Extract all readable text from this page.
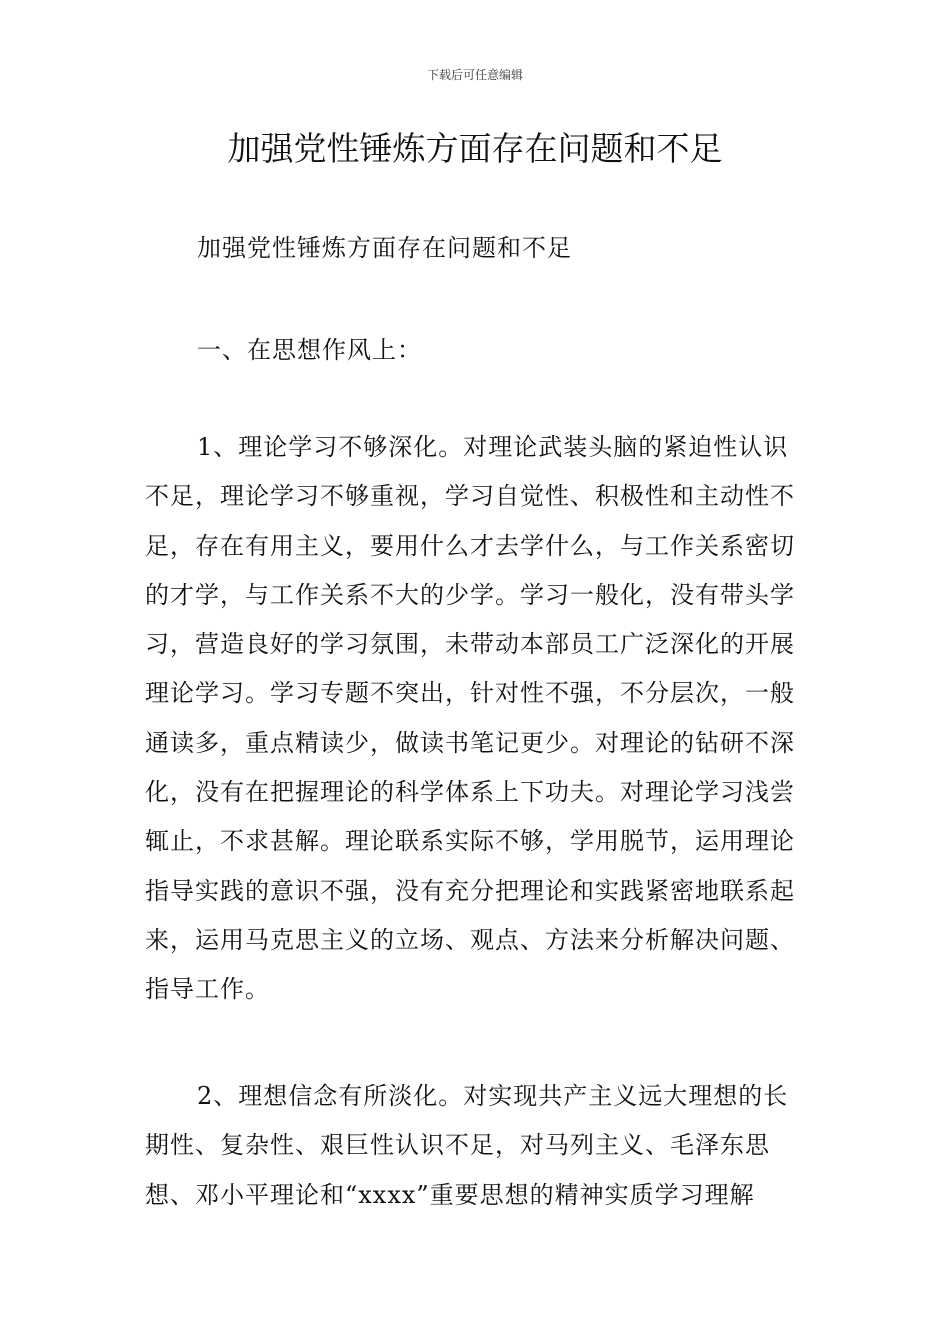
下载后可任意编辑
加强党性锤炼方面存在问题和不足

加强党性锤炼方面存在问题和不足

一、在思想作风上：

1、理论学习不够深化。对理论武装头脑的紧迫性认识不足，理论学习不够重视，学习自觉性、积极性和主动性不足，存在有用主义，要用什么才去学什么，与工作关系密切的才学，与工作关系不大的少学。学习一般化，没有带头学习，营造良好的学习氛围，未带动本部员工广泛深化的开展理论学习。学习专题不突出，针对性不强，不分层次，一般通读多，重点精读少，做读书笔记更少。对理论的钻研不深化，没有在把握理论的科学体系上下功夫。对理论学习浅尝辄止，不求甚解。理论联系实际不够，学用脱节，运用理论指导实践的意识不强，没有充分把理论和实践紧密地联系起来，运用马克思主义的立场、观点、方法来分析解决问题、指导工作。

2、理想信念有所淡化。对实现共产主义远大理想的长期性、复杂性、艰巨性认识不足，对马列主义、毛泽东思想、邓小平理论和“xxxx”重要思想的精神实质学习理解
